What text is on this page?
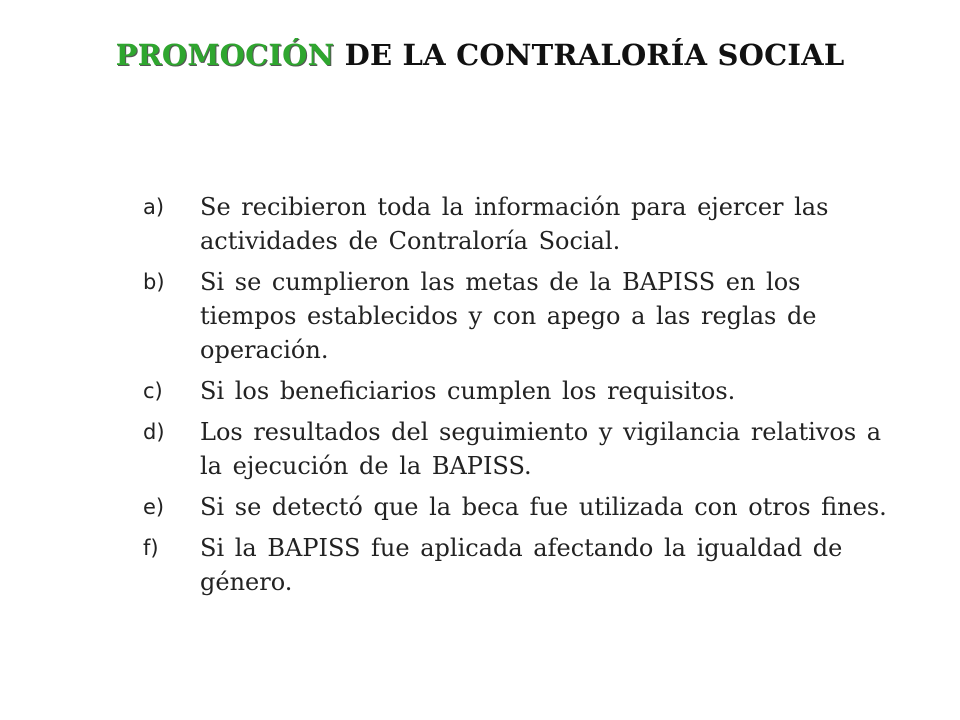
PROMOCIÓN DE LA CONTRALORÍA SOCIAL
a)	Se recibieron toda la información para ejercer las actividades de Contraloría Social.
b)	Si se cumplieron las metas de la BAPISS en los tiempos establecidos y con apego a las reglas de operación.
c)	Si los beneficiarios cumplen los requisitos.
d)	Los resultados del seguimiento y vigilancia relativos a la ejecución de la BAPISS.
e)	Si se detectó que la beca fue utilizada con otros fines.
f)	Si la BAPISS fue aplicada afectando la igualdad de género.
